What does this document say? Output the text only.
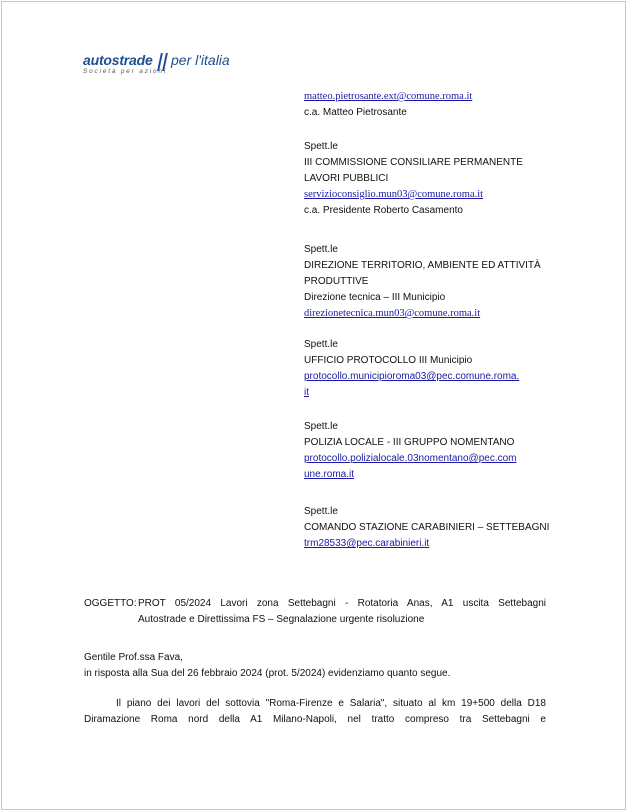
autostrade per l'italia
Società per azioni
matteo.pietrosante.ext@comune.roma.it
c.a. Matteo Pietrosante
Spett.le
III COMMISSIONE CONSILIARE PERMANENTE
LAVORI PUBBLICI
servizioconsiglio.mun03@comune.roma.it
c.a. Presidente Roberto Casamento
Spett.le
DIREZIONE TERRITORIO, AMBIENTE ED ATTIVITÀ
PRODUTTIVE
Direzione tecnica – III Municipio
direzionetecnica.mun03@comune.roma.it
Spett.le
UFFICIO PROTOCOLLO III Municipio
protocollo.municipioroma03@pec.comune.roma.
it
Spett.le
POLIZIA LOCALE - III GRUPPO NOMENTANO
protocollo.polizialocale.03nomentano@pec.com
une.roma.it
Spett.le
COMANDO STAZIONE CARABINIERI – SETTEBAGNI
trm28533@pec.carabinieri.it
OGGETTO: PROT 05/2024 Lavori zona Settebagni - Rotatoria Anas, A1 uscita Settebagni
Autostrade e Direttissima FS – Segnalazione urgente risoluzione
Gentile Prof.ssa Fava,
in risposta alla Sua del 26 febbraio 2024 (prot. 5/2024) evidenziamo quanto segue.
Il piano dei lavori del sottovia "Roma-Firenze e Salaria", situato al km 19+500 della D18
Diramazione Roma nord della A1 Milano-Napoli, nel tratto compreso tra Settebagni e
